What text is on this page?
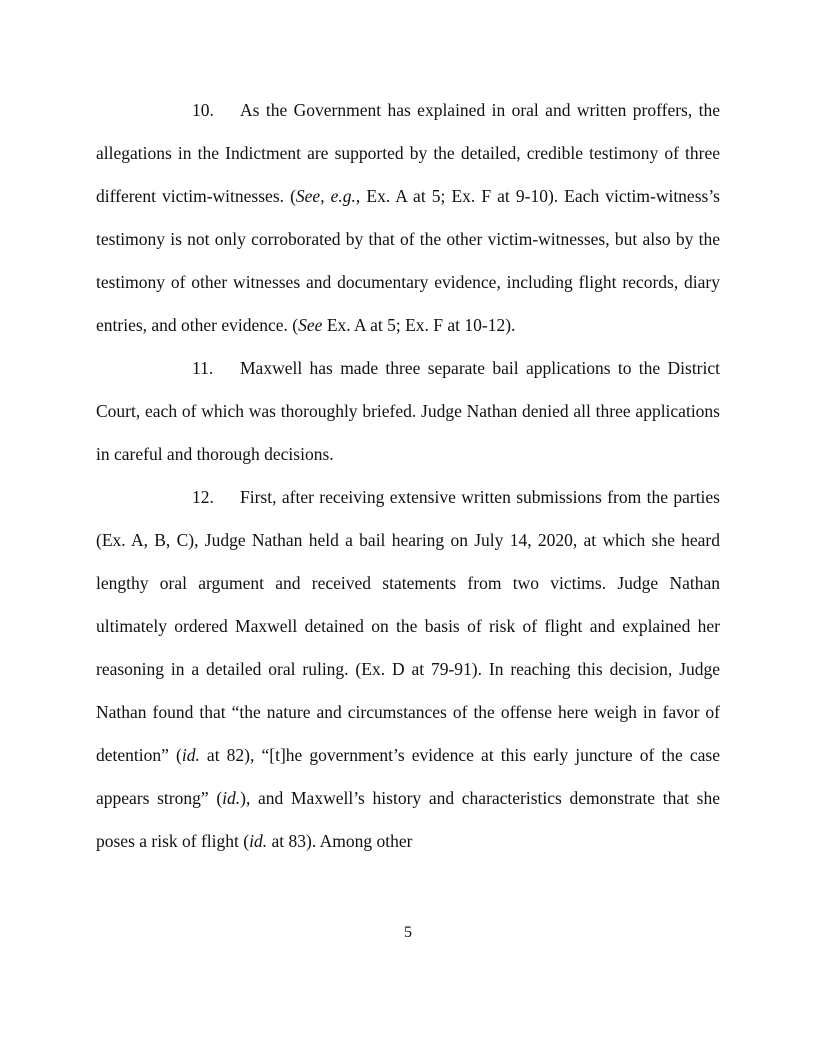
10. As the Government has explained in oral and written proffers, the allegations in the Indictment are supported by the detailed, credible testimony of three different victim-witnesses. (See, e.g., Ex. A at 5; Ex. F at 9-10). Each victim-witness’s testimony is not only corroborated by that of the other victim-witnesses, but also by the testimony of other witnesses and documentary evidence, including flight records, diary entries, and other evidence. (See Ex. A at 5; Ex. F at 10-12).

11. Maxwell has made three separate bail applications to the District Court, each of which was thoroughly briefed. Judge Nathan denied all three applications in careful and thorough decisions.

12. First, after receiving extensive written submissions from the parties (Ex. A, B, C), Judge Nathan held a bail hearing on July 14, 2020, at which she heard lengthy oral argument and received statements from two victims. Judge Nathan ultimately ordered Maxwell detained on the basis of risk of flight and explained her reasoning in a detailed oral ruling. (Ex. D at 79-91). In reaching this decision, Judge Nathan found that “the nature and circumstances of the offense here weigh in favor of detention” (id. at 82), “[t]he government’s evidence at this early juncture of the case appears strong” (id.), and Maxwell’s history and characteristics demonstrate that she poses a risk of flight (id. at 83). Among other

5
